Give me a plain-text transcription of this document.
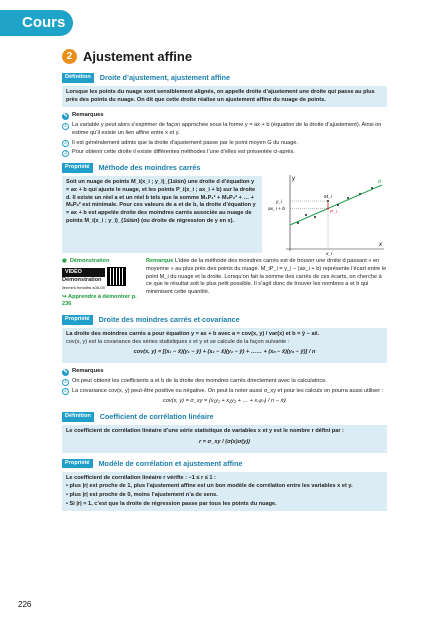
Cours
2 Ajustement affine
Définition	Droite d’ajustement, ajustement affine
Lorsque les points du nuage sont sensiblement alignés, on appelle droite d’ajustement une droite qui passe au plus près des points du nuage. On dit que cette droite réalise un ajustement affine du nuage de points.
✎ Remarques
1 La variable y peut alors s’exprimer de façon approchée sous la forme y = ax + b (équation de la droite d’ajustement). Ainsi on estime qu’il existe un lien affine entre x et y.
2 Il est généralement admis que la droite d’ajustement passe par le point moyen G du nuage.
3 Pour obtenir cette droite il existe différentes méthodes l’une d’elles est présentée ci-après.
Propriété	Méthode des moindres carrés
Soit un nuage de points M_i(x_i ; y_i)_{1≤i≤n} une droite d d’équation y = ax + b qui ajuste le nuage, et les points P_i(x_i ; ax_i + b) sur la droite d. Il existe un réel a et un réel b tels que la somme M₁P₁² + M₂P₂² + … + MₙPₙ² est minimale. Pour ces valeurs de a et de b, la droite d’équation y = ax + b est appelée droite des moindres carrés associée au nuage de points M_i(x_i ; y_i)_{1≤i≤n} (ou droite de régression de y en x).
y
x
d
y_i
ax_i + b
M_i
P_i
x_i
◉ Démonstration
VIDÉO
Démonstration
lienmini.fr/maths-s08-05
↪ Apprendre à démontrer p. 236
Remarque L’idée de la méthode des moindres carrés est de trouver une droite d passant « en moyenne » au plus près des points du nuage. M_iP_i = y_i − (ax_i + b) représente l’écart entre le point M_i du nuage et la droite. Lorsqu’on fait la somme des carrés de ces écarts, on cherche à ce que le résultat soit le plus petit possible. Il s’agit donc de trouver les nombres a et b qui minimisent cette quantité.
Propriété	Droite des moindres carrés et covariance
La droite des moindres carrés a pour équation y = ax + b avec a = cov(x, y) / var(x) et b = ȳ − ax̄.
cov(x, y) est la covariance des séries statistiques x et y et se calcule de la façon suivante :
cov(x, y) = [(x₁ − x̄)(y₁ − ȳ) + (x₂ − x̄)(y₂ − ȳ) + …… + (xₙ − x̄)(yₙ − ȳ)] / n
✎ Remarques
1 On peut obtenir les coefficients a et b de la droite des moindres carrés directement avec la calculatrice.
2 La covariance cov(x, y) peut-être positive ou négative. On peut la noter aussi σ_xy et pour les calculs on pourra aussi utiliser :
cov(x, y) = σ_xy = (x₁y₁ + x₂y₂ + … + xₙyₙ) / n − x̄ȳ
Définition	Coefficient de corrélation linéaire
Le coefficient de corrélation linéaire d’une série statistique de variables x et y est le nombre r défini par :
r = σ_xy / (σ(x)σ(y))
Propriété	Modèle de corrélation et ajustement affine
Le coefficient de corrélation linéaire r vérifie : −1 ≤ r ≤ 1 :
• plus |r| est proche de 1, plus l’ajustement affine est un bon modèle de corrélation entre les variables x et y.
• plus |r| est proche de 0, moins l’ajustement n’a de sens.
• Si |r| = 1, c’est que la droite de régression passe par tous les points du nuage.
226
